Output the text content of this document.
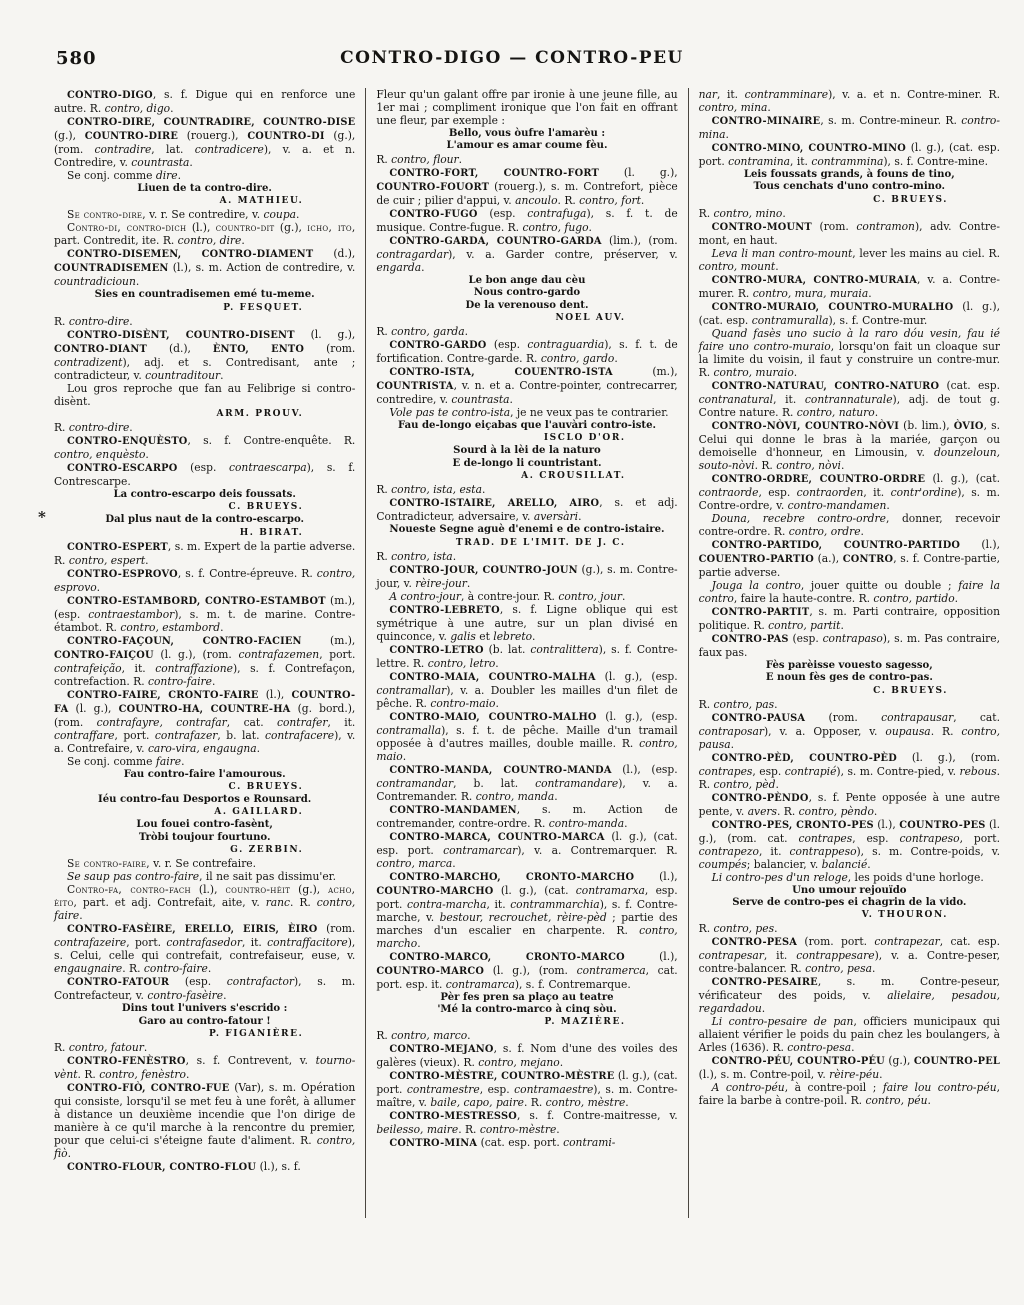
580	CONTRO-DIGO — CONTRO-PEU
*

CONTRO-DIGO, s. f. Digue qui en renforce une autre. R. contro, digo.

CONTRO-DIRE, COUNTRADIRE, COUNTRO-DISE (g.), COUNTRO-DIRE (rouerg.), COUNTRO-DI (g.), (rom. contradire, lat. contradicere), v. a. et n. Contredire, v. countrasta.

Se conj. comme dire.

Liuen de ta contro-dire.
A. MATHIEU.

Se contro-dire, v. r. Se contredire, v. coupa.

Contro-di, contro-dich (l.), countro-dit (g.), icho, ito, part. Contredit, ite. R. contro, dire.

CONTRO-DISEMEN, CONTRO-DIAMENT (d.), COUNTRADISEMEN (l.), s. m. Action de contredire, v. countradicioun.

Sies en countradisemen emé tu-meme.
P. FESQUET.

R. contro-dire.

CONTRO-DISÈNT, COUNTRO-DISENT (l. g.), CONTRO-DIANT (d.), ÈNTO, ENTO (rom. contradizent), adj. et s. Contredisant, ante ; contradicteur, v. countraditour.

Lou gros reproche que fan au Felibrige si contro-disènt.

ARM. PROUV.

R. contro-dire.

CONTRO-ENQUÈSTO, s. f. Contre-enquête. R. contro, enquèsto.

CONTRO-ESCARPO (esp. contraescarpa), s. f. Contrescarpe.

La contro-escarpo deis foussats.
C. BRUEYS.
Dal plus naut de la contro-escarpo.
H. BIRAT.

CONTRO-ESPERT, s. m. Expert de la partie adverse. R. contro, espert.

CONTRO-ESPROVO, s. f. Contre-épreuve. R. contro, esprovo.

CONTRO-ESTAMBORD, CONTRO-ESTAMBOT (m.), (esp. contraestambor), s. m. t. de marine. Contre-étambot. R. contro, estambord.

CONTRO-FAÇOUN, CONTRO-FACIEN (m.), CONTRO-FAIÇOU (l. g.), (rom. contrafazemen, port. contrafeição, it. contraffazione), s. f. Contrefaçon, contrefaction. R. contro-faire.

CONTRO-FAIRE, CRONTO-FAIRE (l.), COUNTRO-FA (l. g.), COUNTRO-HA, COUNTRE-HA (g. bord.), (rom. contrafayre, contrafar, cat. contrafer, it. contraffare, port. contrafazer, b. lat. contrafacere), v. a. Contrefaire, v. caro-vira, engaugna.

Se conj. comme faire.

Fau contro-faire l'amourous.
C. BRUEYS.
Iéu contro-fau Desportos e Rounsard.
A. GAILLARD.
Lou fouei contro-fasènt,
Tròbi toujour fourtuno.
G. ZERBIN.

Se contro-faire, v. r. Se contrefaire.

Se saup pas contro-faire, il ne sait pas dissimu'er.

Contro-fa, contro-fach (l.), countro-hèit (g.), acho, èito, part. et adj. Contrefait, aite, v. ranc. R. contro, faire.

CONTRO-FASÈIRE, ERELLO, EIRIS, ÈIRO (rom. contrafazeire, port. contrafasedor, it. contraffacitore), s. Celui, celle qui contrefait, contrefaiseur, euse, v. engaugnaire. R. contro-faire.

CONTRO-FATOUR (esp. contrafactor), s. m. Contrefacteur, v. contro-fasèire.

Dins tout l'univers s'escrido :
Garo au contro-fatour !
P. FIGANIÈRE.

R. contro, fatour.

CONTRO-FENÈSTRO, s. f. Contrevent, v. tourno-vènt. R. contro, fenèstro.

CONTRO-FIÒ, CONTRO-FUE (Var), s. m. Opération qui consiste, lorsqu'il se met feu à une forêt, à allumer à distance un deuxième incendie que l'on dirige de manière à ce qu'il marche à la rencontre du premier, pour que celui-ci s'éteigne faute d'aliment. R. contro, fiò.

CONTRO-FLOUR, CONTRO-FLOU (l.), s. f.

Fleur qu'un galant offre par ironie à une jeune fille, au 1er mai ; compliment ironique que l'on fait en offrant une fleur, par exemple :

Bello, vous òufre l'amarèu :
L'amour es amar coume fèu.

R. contro, flour.

CONTRO-FORT, COUNTRO-FORT (l. g.), COUNTRO-FOUORT (rouerg.), s. m. Contrefort, pièce de cuir ; pilier d'appui, v. ancoulo. R. contro, fort.

CONTRO-FUGO (esp. contrafuga), s. f. t. de musique. Contre-fugue. R. contro, fugo.

CONTRO-GARDA, COUNTRO-GARDA (lim.), (rom. contragardar), v. a. Garder contre, préserver, v. engarda.

Le bon ange dau cèu
Nous contro-gardo
De la verenouso dent.
NOEL AUV.

R. contro, garda.

CONTRO-GARDO (esp. contraguardia), s. f. t. de fortification. Contre-garde. R. contro, gardo.

CONTRO-ISTA, COUENTRO-ISTA (m.), COUNTRISTA, v. n. et a. Contre-pointer, contrecarrer, contredire, v. countrasta.

Vole pas te contro-ista, je ne veux pas te contrarier.

Fau de-longo eiçabas que l'auvàri contro-iste.
ISCLO D'OR.
Sourd à la lèi de la naturo
E de-longo li countristant.
A. CROUSILLAT.

R. contro, ista, esta.

CONTRO-ISTAIRE, ARELLO, AIRO, s. et adj. Contradicteur, adversaire, v. aversàri.

Noueste Segne aguè d'enemi e de contro-istaire.
TRAD. DE L'IMIT. DE J. C.

R. contro, ista.

CONTRO-JOUR, COUNTRO-JOUN (g.), s. m. Contre-jour, v. rèire-jour.

A contro-jour, à contre-jour. R. contro, jour.

CONTRO-LEBRETO, s. f. Ligne oblique qui est symétrique à une autre, sur un plan divisé en quinconce, v. galis et lebreto.

CONTRO-LETRO (b. lat. contralittera), s. f. Contre-lettre. R. contro, letro.

CONTRO-MAIA, COUNTRO-MALHA (l. g.), (esp. contramallar), v. a. Doubler les mailles d'un filet de pêche. R. contro-maio.

CONTRO-MAIO, COUNTRO-MALHO (l. g.), (esp. contramalla), s. f. t. de pêche. Maille d'un tramail opposée à d'autres mailles, double maille. R. contro, maio.

CONTRO-MANDA, COUNTRO-MANDA (l.), (esp. contramandar, b. lat. contramandare), v. a. Contremander. R. contro, manda.

CONTRO-MANDAMEN, s. m. Action de contremander, contre-ordre. R. contro-manda.

CONTRO-MARCA, COUNTRO-MARCA (l. g.), (cat. esp. port. contramarcar), v. a. Contremarquer. R. contro, marca.

CONTRO-MARCHO, CRONTO-MARCHO (l.), COUNTRO-MARCHO (l. g.), (cat. contramarxa, esp. port. contra-marcha, it. contrammarchia), s. f. Contre-marche, v. bestour, recrouchet, rèire-pèd ; partie des marches d'un escalier en charpente. R. contro, marcho.

CONTRO-MARCO, CRONTO-MARCO (l.), COUNTRO-MARCO (l. g.), (rom. contramerca, cat. port. esp. it. contramarca), s. f. Contremarque.

Pèr fes pren sa plaço au teatre
'Mé la contro-marco à cinq sòu.
P. MAZIÈRE.

R. contro, marco.

CONTRO-MEJANO, s. f. Nom d'une des voiles des galères (vieux). R. contro, mejano.

CONTRO-MÈSTRE, COUNTRO-MÈSTRE (l. g.), (cat. port. contramestre, esp. contramaestre), s. m. Contre-maître, v. baile, capo, paire. R. contro, mèstre.

CONTRO-MESTRESSO, s. f. Contre-maitresse, v. beilesso, maire. R. contro-mèstre.

CONTRO-MINA (cat. esp. port. contrami-

nar, it. contramminare), v. a. et n. Contre-miner. R. contro, mina.

CONTRO-MINAIRE, s. m. Contre-mineur. R. contro-mina.

CONTRO-MINO, COUNTRO-MINO (l. g.), (cat. esp. port. contramina, it. contrammina), s. f. Contre-mine.

Leis foussats grands, à founs de tino,
Tous cenchats d'uno contro-mino.
C. BRUEYS.

R. contro, mino.

CONTRO-MOUNT (rom. contramon), adv. Contre-mont, en haut.

Leva li man contro-mount, lever les mains au ciel. R. contro, mount.

CONTRO-MURA, CONTRO-MURAIA, v. a. Contre-murer. R. contro, mura, muraia.

CONTRO-MURAIO, COUNTRO-MURALHO (l. g.), (cat. esp. contramuralla), s. f. Contre-mur.

Quand fasès uno sucio à la raro dóu vesin, fau ié faire uno contro-muraio, lorsqu'on fait un cloaque sur la limite du voisin, il faut y construire un contre-mur. R. contro, muraio.

CONTRO-NATURAU, CONTRO-NATURO (cat. esp. contranatural, it. contrannaturale), adj. de tout g. Contre nature. R. contro, naturo.

CONTRO-NÒVI, COUNTRO-NÒVI (b. lim.), ÒVIO, s. Celui qui donne le bras à la mariée, garçon ou demoiselle d'honneur, en Limousin, v. dounzeloun, souto-nòvi. R. contro, nòvi.

CONTRO-ORDRE, COUNTRO-ORDRE (l. g.), (cat. contraorde, esp. contraorden, it. contr'ordine), s. m. Contre-ordre, v. contro-mandamen.

Douna, recebre contro-ordre, donner, recevoir contre-ordre. R. contro, ordre.

CONTRO-PARTIDO, COUNTRO-PARTIDO (l.), COUENTRO-PARTIO (a.), CONTRO, s. f. Contre-partie, partie adverse.

Jouga la contro, jouer quitte ou double ; faire la contro, faire la haute-contre. R. contro, partido.

CONTRO-PARTIT, s. m. Parti contraire, opposition politique. R. contro, partit.

CONTRO-PAS (esp. contrapaso), s. m. Pas contraire, faux pas.

Fès parèisse vouesto sagesso,
E noun fès ges de contro-pas.
C. BRUEYS.

R. contro, pas.

CONTRO-PAUSA (rom. contrapausar, cat. contraposar), v. a. Opposer, v. oupausa. R. contro, pausa.

CONTRO-PÈD, COUNTRO-PÈD (l. g.), (rom. contrapes, esp. contrapié), s. m. Contre-pied, v. rebous. R. contro, pèd.

CONTRO-PÈNDO, s. f. Pente opposée à une autre pente, v. avers. R. contro, pèndo.

CONTRO-PES, CRONTO-PES (l.), COUNTRO-PES (l. g.), (rom. cat. contrapes, esp. contrapeso, port. contrapezo, it. contrappeso), s. m. Contre-poids, v. coumpés; balancier, v. balancié.

Li contro-pes d'un reloge, les poids d'une horloge.

Uno umour rejouïdo
Serve de contro-pes ei chagrin de la vido.
V. THOURON.

R. contro, pes.

CONTRO-PESA (rom. port. contrapezar, cat. esp. contrapesar, it. contrappesare), v. a. Contre-peser, contre-balancer. R. contro, pesa.

CONTRO-PESAIRE, s. m. Contre-peseur, vérificateur des poids, v. alielaire, pesadou, regardadou.

Li contro-pesaire de pan, officiers municipaux qui allaient vérifier le poids du pain chez les boulangers, à Arles (1636). R. contro-pesa.

CONTRO-PÉU, COUNTRO-PÉU (g.), COUNTRO-PEL (l.), s. m. Contre-poil, v. rèire-péu.

A contro-péu, à contre-poil ; faire lou contro-péu, faire la barbe à contre-poil. R. contro, péu.
